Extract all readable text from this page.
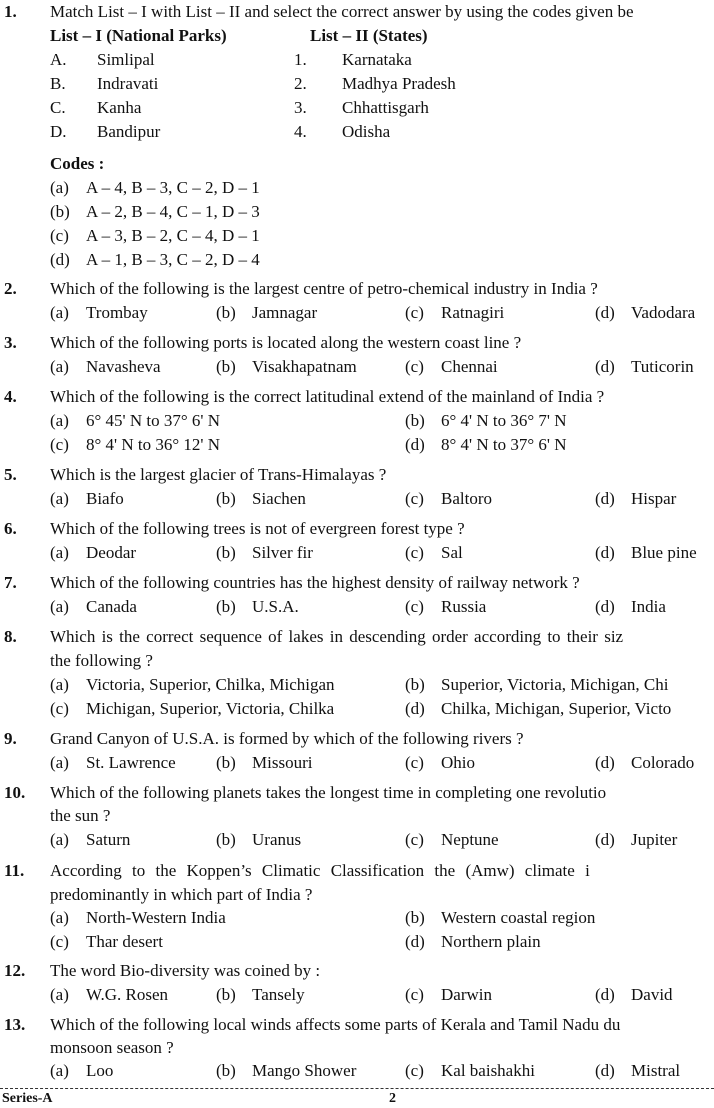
1. Match List – I with List – II and select the correct answer by using the codes given be
List – I (National Parks)	List – II (States)
A. Simlipal	1. Karnataka
B. Indravati	2. Madhya Pradesh
C. Kanha	3. Chhattisgarh
D. Bandipur	4. Odisha
Codes :
(a) A – 4, B – 3, C – 2, D – 1
(b) A – 2, B – 4, C – 1, D – 3
(c) A – 3, B – 2, C – 4, D – 1
(d) A – 1, B – 3, C – 2, D – 4
2. Which of the following is the largest centre of petro-chemical industry in India ?
(a) Trombay	(b) Jamnagar	(c) Ratnagiri	(d) Vadodara
3. Which of the following ports is located along the western coast line ?
(a) Navasheva	(b) Visakhapatnam	(c) Chennai	(d) Tuticorin
4. Which of the following is the correct latitudinal extend of the mainland of India ?
(a) 6° 45' N to 37° 6' N	(b) 6° 4' N to 36° 7' N
(c) 8° 4' N to 36° 12' N	(d) 8° 4' N to 37° 6' N
5. Which is the largest glacier of Trans-Himalayas ?
(a) Biafo	(b) Siachen	(c) Baltoro	(d) Hispar
6. Which of the following trees is not of evergreen forest type ?
(a) Deodar	(b) Silver fir	(c) Sal	(d) Blue pine
7. Which of the following countries has the highest density of railway network ?
(a) Canada	(b) U.S.A.	(c) Russia	(d) India
8. Which is the correct sequence of lakes in descending order according to their siz
the following ?
(a) Victoria, Superior, Chilka, Michigan	(b) Superior, Victoria, Michigan, Chi
(c) Michigan, Superior, Victoria, Chilka	(d) Chilka, Michigan, Superior, Victo
9. Grand Canyon of U.S.A. is formed by which of the following rivers ?
(a) St. Lawrence (b) Missouri	(c) Ohio	(d) Colorado
10. Which of the following planets takes the longest time in completing one revolutio
the sun ?
(a) Saturn	(b) Uranus	(c) Neptune	(d) Jupiter
11. According to the Koppen’s Climatic Classification the (Amw) climate i
predominantly in which part of India ?
(a) North-Western India	(b) Western coastal region
(c) Thar desert	(d) Northern plain
12. The word Bio-diversity was coined by :
(a) W.G. Rosen	(b) Tansely	(c) Darwin	(d) David
13. Which of the following local winds affects some parts of Kerala and Tamil Nadu du
monsoon season ?
(a) Loo	(b) Mango Shower	(c) Kal baishakhi	(d) Mistral
Series-A	2
